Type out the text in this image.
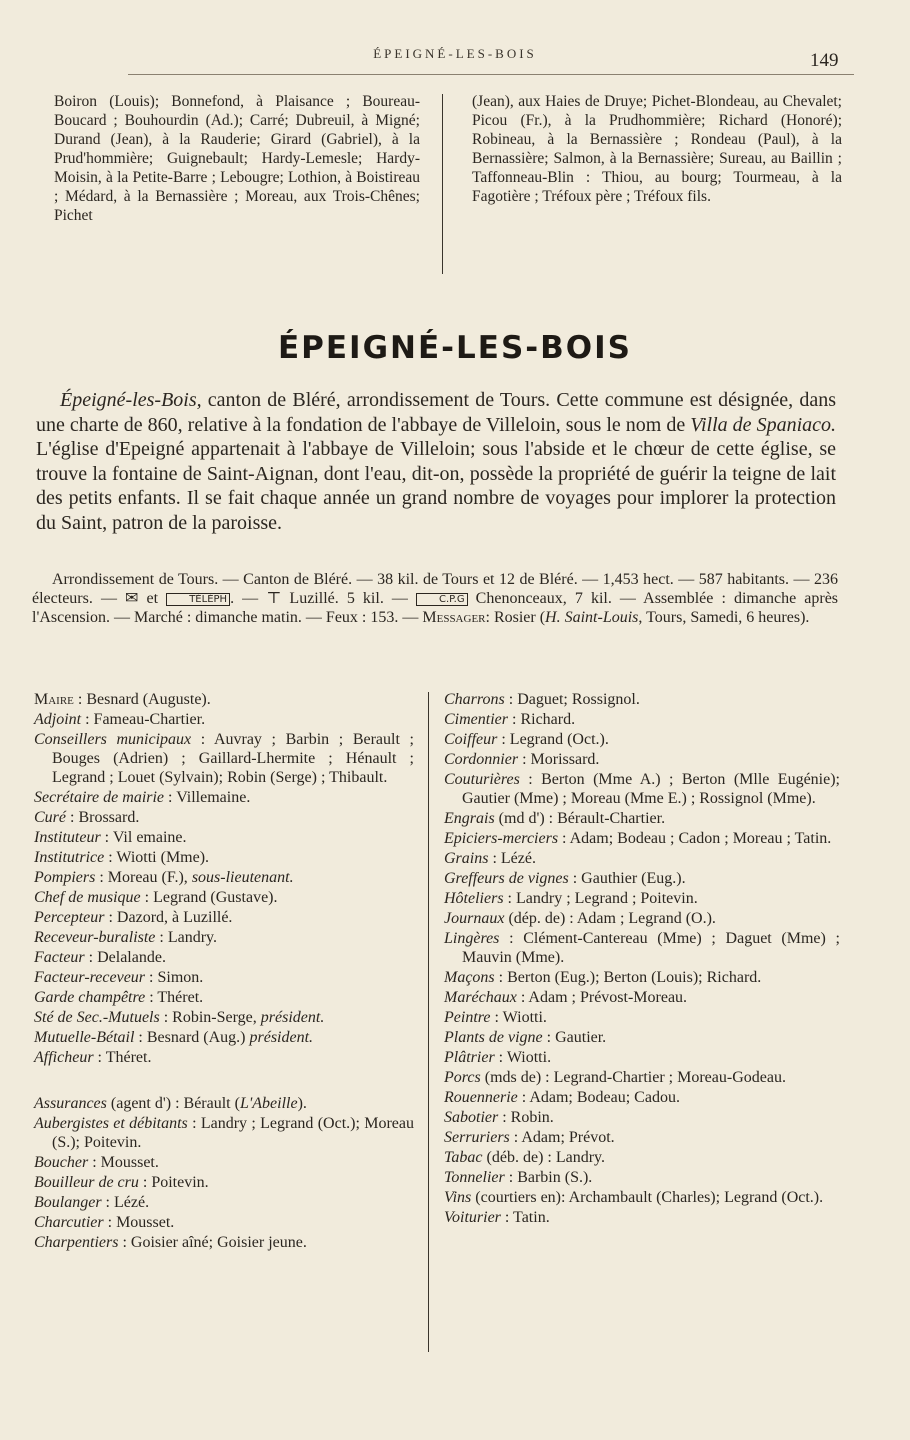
ÉPEIGNÉ-LES-BOIS	149

Boiron (Louis); Bonnefond, à Plaisance ; Boureau-Boucard ; Bouhourdin (Ad.); Carré; Dubreuil, à Migné; Durand (Jean), à la Rauderie; Girard (Gabriel), à la Prud'hommière; Guignebault; Hardy-Lemesle; Hardy-Moisin, à la Petite-Barre ; Lebougre; Lothion, à Boistireau ; Médard, à la Bernassière ; Moreau, aux Trois-Chênes; Pichet

(Jean), aux Haies de Druye; Pichet-Blondeau, au Chevalet; Picou (Fr.), à la Prudhommière; Richard (Honoré); Robineau, à la Bernassière ; Rondeau (Paul), à la Bernassière; Salmon, à la Bernassière; Sureau, au Baillin ; Taffonneau-Blin : Thiou, au bourg; Tourmeau, à la Fagotière ; Tréfoux père ; Tréfoux fils.

ÉPEIGNÉ-LES-BOIS
Épeigné-les-Bois, canton de Bléré, arrondissement de Tours. Cette commune est désignée, dans une charte de 860, relative à la fondation de l'abbaye de Villeloin, sous le nom de Villa de Spaniaco. L'église d'Epeigné appartenait à l'abbaye de Villeloin; sous l'abside et le chœur de cette église, se trouve la fontaine de Saint-Aignan, dont l'eau, dit-on, possède la propriété de guérir la teigne de lait des petits enfants. Il se fait chaque année un grand nombre de voyages pour implorer la protection du Saint, patron de la paroisse.
Arrondissement de Tours. — Canton de Bléré. — 38 kil. de Tours et 12 de Bléré. — 1,453 hect. — 587 habitants. — 236 électeurs. — ✉ et TÉLÉPH . — ⊤ Luzillé. 5 kil. — C.P.G Chenonceaux, 7 kil. — Assemblée : dimanche après l'Ascension. — Marché : dimanche matin. — Feux : 153. — Messager: Rosier (H. Saint-Louis, Tours, Samedi, 6 heures).

Maire : Besnard (Auguste).

Adjoint : Fameau-Chartier.

Conseillers municipaux : Auvray ; Barbin ; Berault ; Bouges (Adrien) ; Gaillard-Lhermite ; Hénault ; Legrand ; Louet (Sylvain); Robin (Serge) ; Thibault.

Secrétaire de mairie : Villemaine.

Curé : Brossard.

Instituteur : Vil emaine.

Institutrice : Wiotti (Mme).

Pompiers : Moreau (F.), sous-lieutenant.

Chef de musique : Legrand (Gustave).

Percepteur : Dazord, à Luzillé.

Receveur-buraliste : Landry.

Facteur : Delalande.

Facteur-receveur : Simon.

Garde champêtre : Théret.

Sté de Sec.-Mutuels : Robin-Serge, président.

Mutuelle-Bétail : Besnard (Aug.) président.

Afficheur : Théret.

Assurances (agent d') : Bérault (L'Abeille).

Aubergistes et débitants : Landry ; Legrand (Oct.); Moreau (S.); Poitevin.

Boucher : Mousset.

Bouilleur de cru : Poitevin.

Boulanger : Lézé.

Charcutier : Mousset.

Charpentiers : Goisier aîné; Goisier jeune.

Charrons : Daguet; Rossignol.

Cimentier : Richard.

Coiffeur : Legrand (Oct.).

Cordonnier : Morissard.

Couturières : Berton (Mme A.) ; Berton (Mlle Eugénie); Gautier (Mme) ; Moreau (Mme E.) ; Rossignol (Mme).

Engrais (md d') : Bérault-Chartier.

Epiciers-merciers : Adam; Bodeau ; Cadon ; Moreau ; Tatin.

Grains : Lézé.

Greffeurs de vignes : Gauthier (Eug.).

Hôteliers : Landry ; Legrand ; Poitevin.

Journaux (dép. de) : Adam ; Legrand (O.).

Lingères : Clément-Cantereau (Mme) ; Daguet (Mme) ; Mauvin (Mme).

Maçons : Berton (Eug.); Berton (Louis); Richard.

Maréchaux : Adam ; Prévost-Moreau.

Peintre : Wiotti.

Plants de vigne : Gautier.

Plâtrier : Wiotti.

Porcs (mds de) : Legrand-Chartier ; Moreau-Godeau.

Rouennerie : Adam; Bodeau; Cadou.

Sabotier : Robin.

Serruriers : Adam; Prévot.

Tabac (déb. de) : Landry.

Tonnelier : Barbin (S.).

Vins (courtiers en): Archambault (Charles); Legrand (Oct.).

Voiturier : Tatin.
